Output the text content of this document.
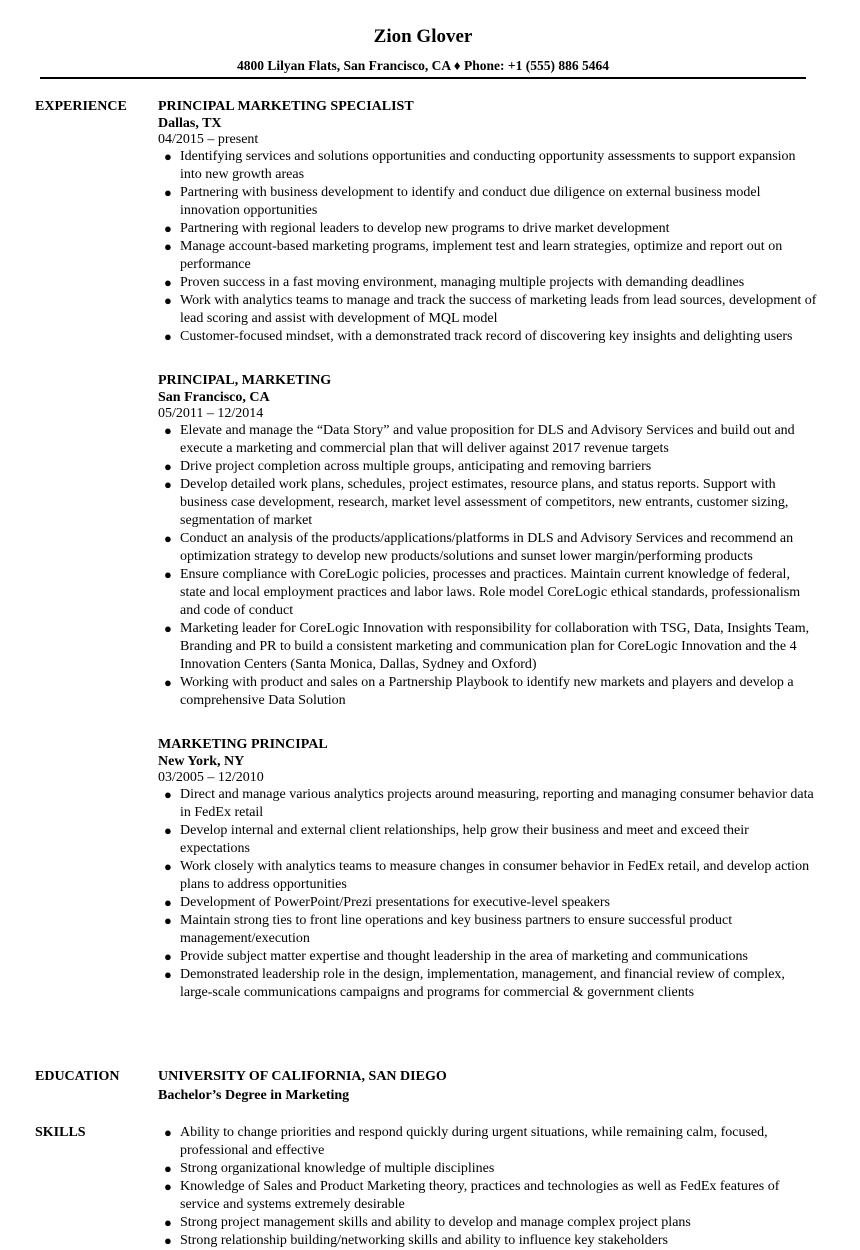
Zion Glover
4800 Lilyan Flats, San Francisco, CA ♦ Phone: +1 (555) 886 5464
EXPERIENCE PRINCIPAL MARKETING SPECIALIST
Dallas, TX
04/2015 – present
● Identifying services and solutions opportunities and conducting opportunity assessments to support expansion into new growth areas
● Partnering with business development to identify and conduct due diligence on external business model innovation opportunities
● Partnering with regional leaders to develop new programs to drive market development
● Manage account-based marketing programs, implement test and learn strategies, optimize and report out on performance
● Proven success in a fast moving environment, managing multiple projects with demanding deadlines
● Work with analytics teams to manage and track the success of marketing leads from lead sources, development of lead scoring and assist with development of MQL model
● Customer-focused mindset, with a demonstrated track record of discovering key insights and delighting users
PRINCIPAL, MARKETING
San Francisco, CA
05/2011 – 12/2014
● Elevate and manage the “Data Story” and value proposition for DLS and Advisory Services and build out and execute a marketing and commercial plan that will deliver against 2017 revenue targets
● Drive project completion across multiple groups, anticipating and removing barriers
● Develop detailed work plans, schedules, project estimates, resource plans, and status reports. Support with business case development, research, market level assessment of competitors, new entrants, customer sizing, segmentation of market
● Conduct an analysis of the products/applications/platforms in DLS and Advisory Services and recommend an optimization strategy to develop new products/solutions and sunset lower margin/performing products
● Ensure compliance with CoreLogic policies, processes and practices. Maintain current knowledge of federal, state and local employment practices and labor laws. Role model CoreLogic ethical standards, professionalism and code of conduct
● Marketing leader for CoreLogic Innovation with responsibility for collaboration with TSG, Data, Insights Team, Branding and PR to build a consistent marketing and communication plan for CoreLogic Innovation and the 4 Innovation Centers (Santa Monica, Dallas, Sydney and Oxford)
● Working with product and sales on a Partnership Playbook to identify new markets and players and develop a comprehensive Data Solution
MARKETING PRINCIPAL
New York, NY
03/2005 – 12/2010
● Direct and manage various analytics projects around measuring, reporting and managing consumer behavior data in FedEx retail
● Develop internal and external client relationships, help grow their business and meet and exceed their expectations
● Work closely with analytics teams to measure changes in consumer behavior in FedEx retail, and develop action plans to address opportunities
● Development of PowerPoint/Prezi presentations for executive-level speakers
● Maintain strong ties to front line operations and key business partners to ensure successful product management/execution
● Provide subject matter expertise and thought leadership in the area of marketing and communications
● Demonstrated leadership role in the design, implementation, management, and financial review of complex, large-scale communications campaigns and programs for commercial & government clients
EDUCATION	UNIVERSITY OF CALIFORNIA, SAN DIEGO
Bachelor’s Degree in Marketing
SKILLS	● Ability to change priorities and respond quickly during urgent situations, while remaining calm, focused, professional and effective
● Strong organizational knowledge of multiple disciplines
● Knowledge of Sales and Product Marketing theory, practices and technologies as well as FedEx features of service and systems extremely desirable
● Strong project management skills and ability to develop and manage complex project plans
● Strong relationship building/networking skills and ability to influence key stakeholders
